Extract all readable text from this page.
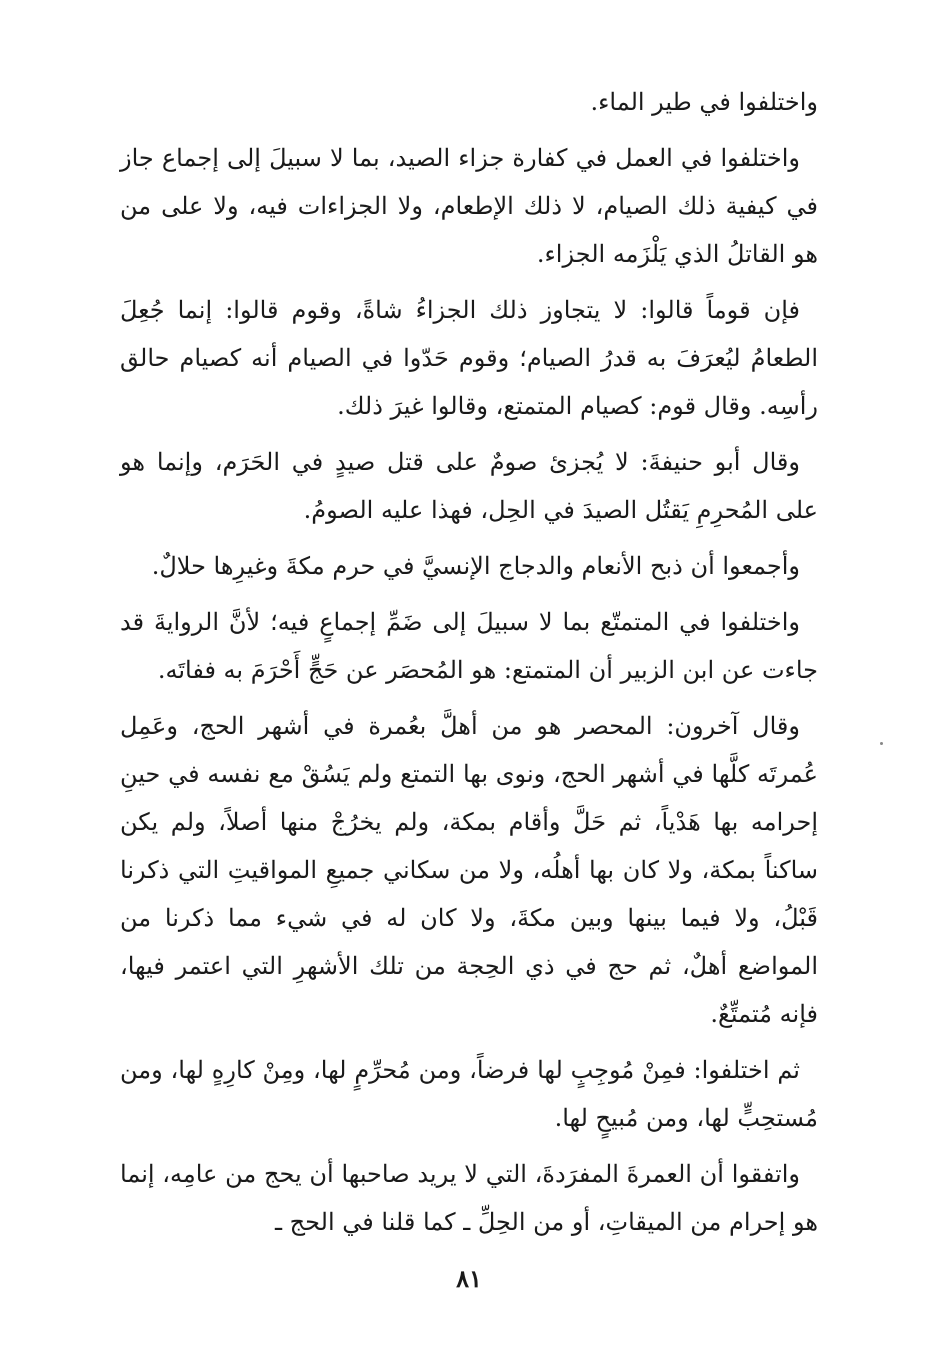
واختلفوا في طير الماء.

واختلفوا في العمل في كفارة جزاء الصيد، بما لا سبيلَ إلى إجماع جاز في كيفية ذلك الصيام، لا ذلك الإطعام، ولا الجزاءات فيه، ولا على من هو القاتلُ الذي يَلْزَمه الجزاء.

فإن قوماً قالوا: لا يتجاوز ذلك الجزاءُ شاةً، وقوم قالوا: إنما جُعِلَ الطعامُ ليُعرَفَ به قدرُ الصيام؛ وقوم حَدّوا في الصيام أنه كصيام حالق رأسِه. وقال قوم: كصيام المتمتع، وقالوا غيرَ ذلك.

وقال أبو حنيفةَ: لا يُجزئ صومٌ على قتل صيدٍ في الحَرَم، وإنما هو على المُحرِمِ يَقتُل الصيدَ في الحِل، فهذا عليه الصومُ.

وأجمعوا أن ذبح الأنعام والدجاج الإنسيَّ في حرم مكةَ وغيرِها حلالٌ.

واختلفوا في المتمتّع بما لا سبيلَ إلى ضَمِّ إجماعٍ فيه؛ لأنَّ الروايةَ قد جاءت عن ابن الزبير أن المتمتع: هو المُحصَر عن حَجٍّ أَحْرَمَ به ففاتَه.

وقال آخرون: المحصر هو من أهلَّ بعُمرة في أشهر الحج، وعَمِل عُمرتَه كلَّها في أشهر الحج، ونوى بها التمتع ولم يَسُقْ مع نفسه في حينِ إحرامه بها هَدْياً، ثم حَلَّ وأقام بمكة، ولم يخرُجْ منها أصلاً، ولم يكن ساكناً بمكة، ولا كان بها أهلُه، ولا من سكاني جميعِ المواقيتِ التي ذكرنا قَبْلُ، ولا فيما بينها وبين مكةَ، ولا كان له في شيء مما ذكرنا من المواضع أهلٌ، ثم حج في ذي الحِجة من تلك الأشهرِ التي اعتمر فيها، فإنه مُتمتِّعٌ.

ثم اختلفوا: فمِنْ مُوجِبٍ لها فرضاً، ومن مُحرِّمٍ لها، ومِنْ كارِهٍ لها، ومن مُستحِبٍّ لها، ومن مُبيحٍ لها.

واتفقوا أن العمرةَ المفرَدةَ، التي لا يريد صاحبها أن يحج من عامِه، إنما هو إحرام من الميقاتِ، أو من الحِلِّ ـ كما قلنا في الحج ـ

٨١
